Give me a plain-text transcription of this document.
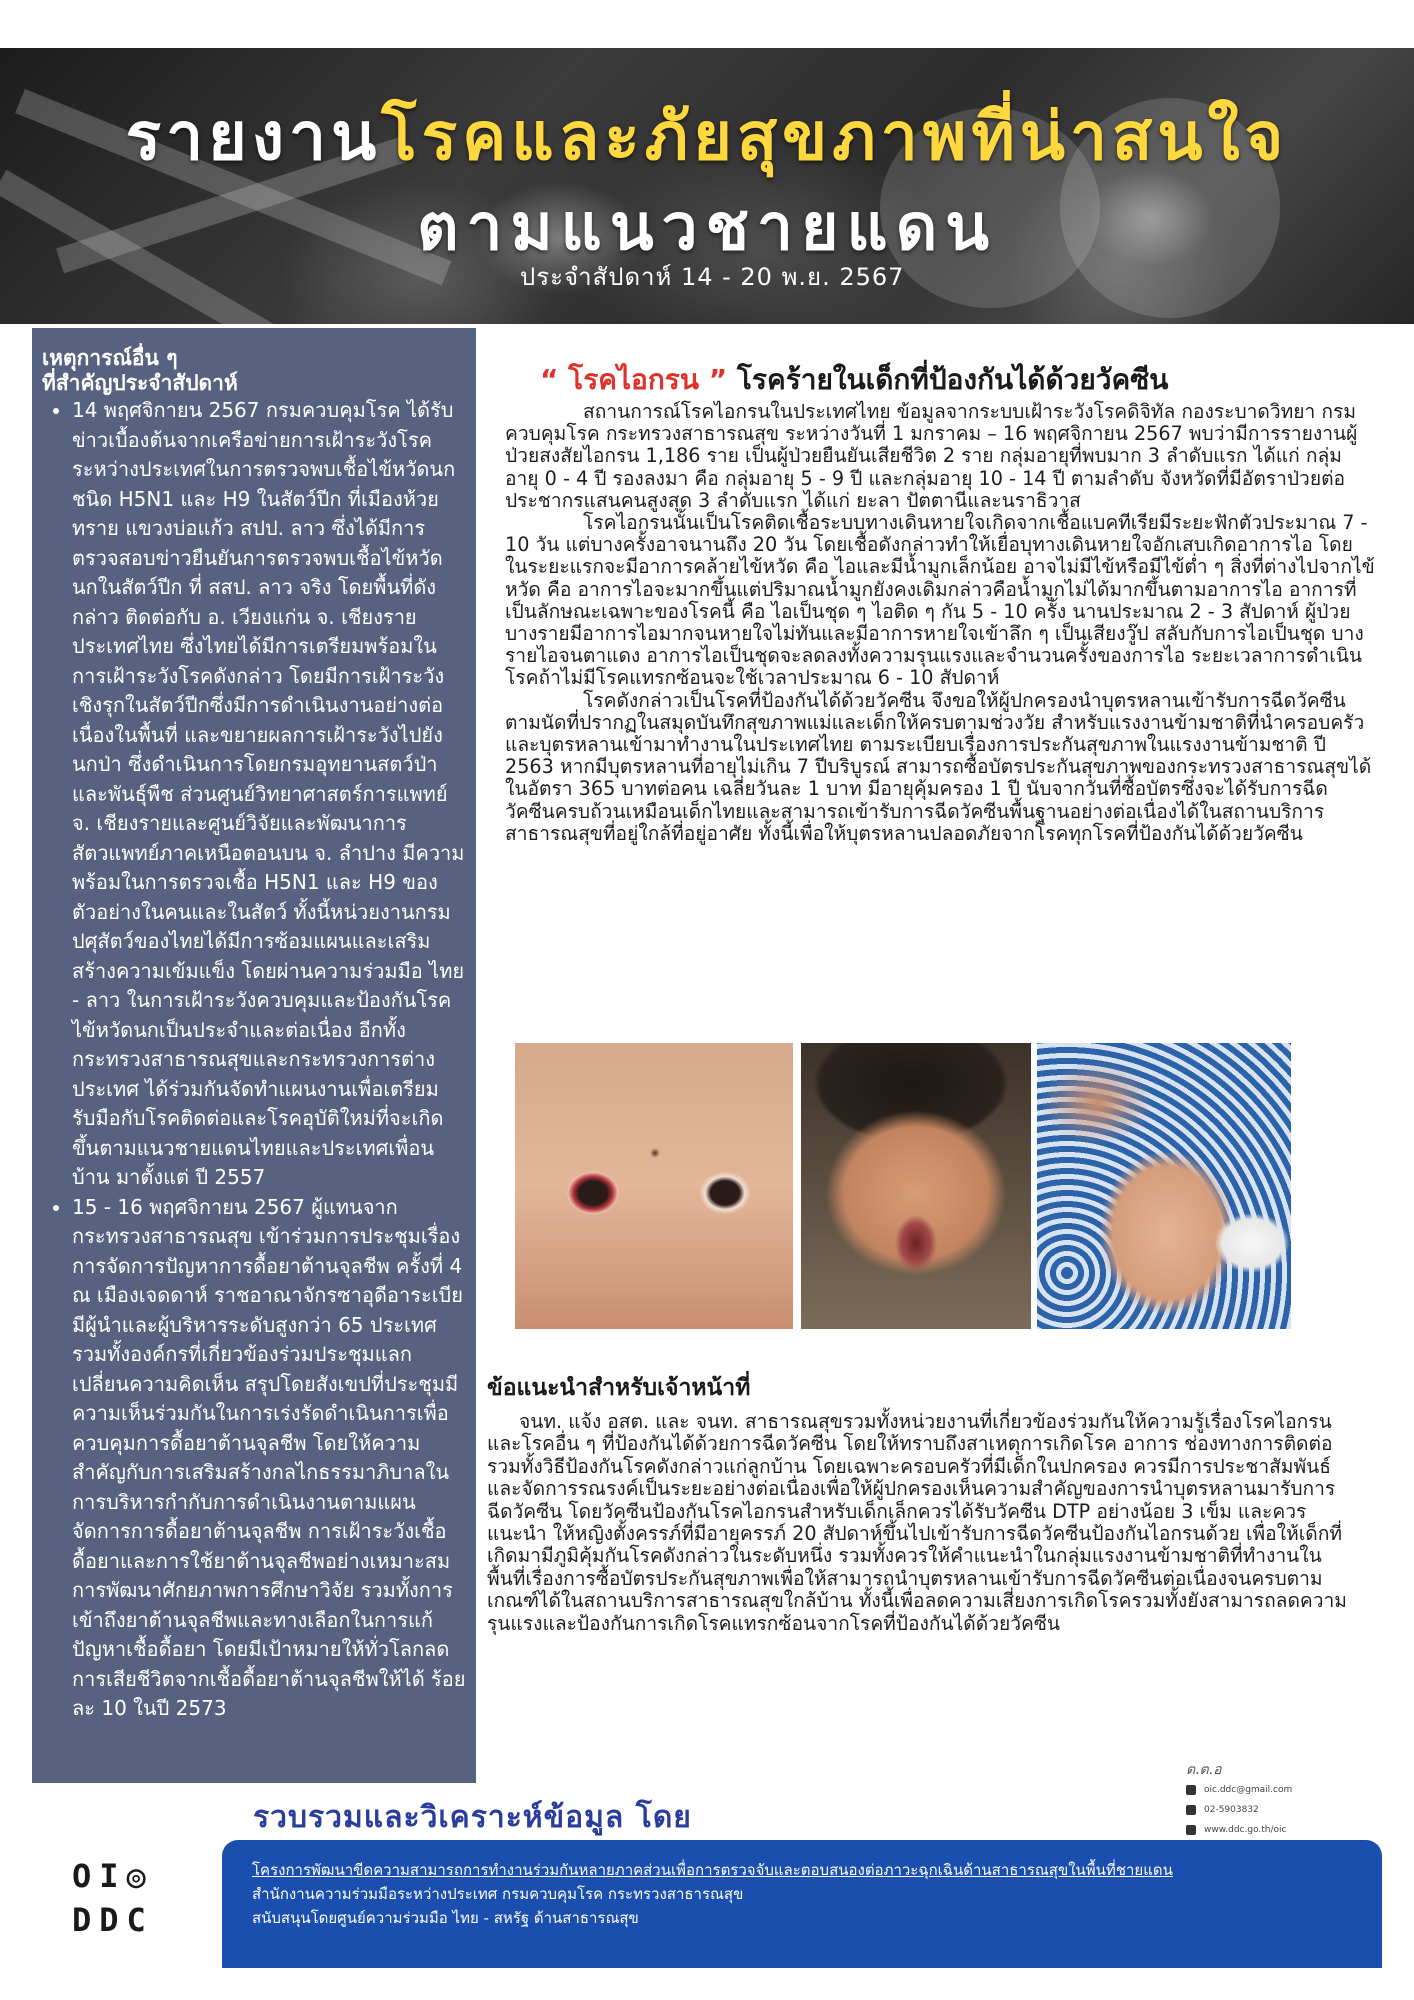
รายงานโรคและภัยสุขภาพที่น่าสนใจ
ตามแนวชายแดน
ประจำสัปดาห์ 14 - 20 พ.ย. 2567
เหตุการณ์อื่น ๆ
ที่สำคัญประจำสัปดาห์
• 14 พฤศจิกายน 2567 กรมควบคุมโรค ได้รับข่าวเบื้องต้นจากเครือข่ายการเฝ้าระวังโรคระหว่างประเทศในการตรวจพบเชื้อไข้หวัดนกชนิด H5N1 และ H9 ในสัตว์ปีก ที่เมืองห้วยทราย แขวงบ่อแก้ว สปป. ลาว ซึ่งได้มีการตรวจสอบข่าวยืนยันการตรวจพบเชื้อไข้หวัดนกในสัตว์ปีก ที่ สสป. ลาว จริง โดยพื้นที่ดังกล่าว ติดต่อกับ อ. เวียงแก่น จ. เชียงราย ประเทศไทย ซึ่งไทยได้มีการเตรียมพร้อมในการเฝ้าระวังโรคดังกล่าว โดยมีการเฝ้าระวังเชิงรุกในสัตว์ปีกซึ่งมีการดำเนินงานอย่างต่อเนื่องในพื้นที่ และขยายผลการเฝ้าระวังไปยังนกป่า ซึ่งดำเนินการโดยกรมอุทยานสตว์ป่าและพันธุ์พืช ส่วนศูนย์วิทยาศาสตร์การแพทย์ จ. เชียงรายและศูนย์วิจัยและพัฒนาการสัตวแพทย์ภาคเหนือตอนบน จ. ลำปาง มีความพร้อมในการตรวจเชื้อ H5N1 และ H9 ของตัวอย่างในคนและในสัตว์ ทั้งนี้หน่วยงานกรมปศุสัตว์ของไทยได้มีการซ้อมแผนและเสริมสร้างความเข้มแข็ง โดยผ่านความร่วมมือ ไทย - ลาว ในการเฝ้าระวังควบคุมและป้องกันโรคไข้หวัดนกเป็นประจำและต่อเนื่อง อีกทั้งกระทรวงสาธารณสุขและกระทรวงการต่างประเทศ ได้ร่วมกันจัดทำแผนงานเพื่อเตรียมรับมือกับโรคติดต่อและโรคอุบัติใหม่ที่จะเกิดขึ้นตามแนวชายแดนไทยและประเทศเพื่อนบ้าน มาตั้งแต่ ปี 2557
• 15 - 16 พฤศจิกายน 2567 ผู้แทนจากกระทรวงสาธารณสุข เข้าร่วมการประชุมเรื่องการจัดการปัญหาการดื้อยาต้านจุลชีพ ครั้งที่ 4 ณ เมืองเจดดาห์ ราชอาณาจักรซาอุดีอาระเบีย มีผู้นำและผู้บริหารระดับสูงกว่า 65 ประเทศ รวมทั้งองค์กรที่เกี่ยวข้องร่วมประชุมแลกเปลี่ยนความคิดเห็น สรุปโดยสังเขปที่ประชุมมีความเห็นร่วมกันในการเร่งรัดดำเนินการเพื่อควบคุมการดื้อยาต้านจุลชีพ โดยให้ความสำคัญกับการเสริมสร้างกลไกธรรมาภิบาลในการบริหารกำกับการดำเนินงานตามแผนจัดการการดื้อยาต้านจุลชีพ การเฝ้าระวังเชื้อดื้อยาและการใช้ยาต้านจุลชีพอย่างเหมาะสม การพัฒนาศักยภาพการศึกษาวิจัย รวมทั้งการเข้าถึงยาต้านจุลชีพและทางเลือกในการแก้ปัญหาเชื้อดื้อยา โดยมีเป้าหมายให้ทั่วโลกลดการเสียชีวิตจากเชื้อดื้อยาต้านจุลชีพให้ได้ ร้อยละ 10 ในปี 2573
“ โรคไอกรน ” โรคร้ายในเด็กที่ป้องกันได้ด้วยวัคซีน

สถานการณ์โรคไอกรนในประเทศไทย ข้อมูลจากระบบเฝ้าระวังโรคดิจิทัล กองระบาดวิทยา กรมควบคุมโรค กระทรวงสาธารณสุข ระหว่างวันที่ 1 มกราคม – 16 พฤศจิกายน 2567 พบว่ามีการรายงานผู้ป่วยสงสัยไอกรน 1,186 ราย เป็นผู้ป่วยยืนยันเสียชีวิต 2 ราย กลุ่มอายุที่พบมาก 3 ลำดับแรก ได้แก่ กลุ่มอายุ 0 - 4 ปี รองลงมา คือ กลุ่มอายุ 5 - 9 ปี และกลุ่มอายุ 10 - 14 ปี ตามลำดับ จังหวัดที่มีอัตราป่วยต่อประชากรแสนคนสูงสุด 3 ลำดับแรก ได้แก่ ยะลา ปัตตานีและนราธิวาส

โรคไอกรนนั้นเป็นโรคติดเชื้อระบบทางเดินหายใจเกิดจากเชื้อแบคทีเรียมีระยะฟักตัวประมาณ 7 - 10 วัน แต่บางครั้งอาจนานถึง 20 วัน โดยเชื้อดังกล่าวทำให้เยื่อบุทางเดินหายใจอักเสบเกิดอาการไอ โดยในระยะแรกจะมีอาการคล้ายไข้หวัด คือ ไอและมีน้ำมูกเล็กน้อย อาจไม่มีไข้หรือมีไข้ต่ำ ๆ สิ่งที่ต่างไปจากไข้หวัด คือ อาการไอจะมากขึ้นแต่ปริมาณน้ำมูกยังคงเดิมกล่าวคือน้ำมูกไม่ได้มากขึ้นตามอาการไอ อาการที่เป็นลักษณะเฉพาะของโรคนี้ คือ ไอเป็นชุด ๆ ไอติด ๆ กัน 5 - 10 ครั้ง นานประมาณ 2 - 3 สัปดาห์ ผู้ป่วยบางรายมีอาการไอมากจนหายใจไม่ทันและมีอาการหายใจเข้าลึก ๆ เป็นเสียงวู๊ป สลับกับการไอเป็นชุด บางรายไอจนตาแดง อาการไอเป็นชุดจะลดลงทั้งความรุนแรงและจำนวนครั้งของการไอ ระยะเวลาการดำเนินโรคถ้าไม่มีโรคแทรกซ้อนจะใช้เวลาประมาณ 6 - 10 สัปดาห์

โรคดังกล่าวเป็นโรคที่ป้องกันได้ด้วยวัคซีน จึงขอให้ผู้ปกครองนำบุตรหลานเข้ารับการฉีดวัคซีนตามนัดที่ปรากฏในสมุดบันทึกสุขภาพแม่และเด็กให้ครบตามช่วงวัย สำหรับแรงงานข้ามชาติที่นำครอบครัวและบุตรหลานเข้ามาทำงานในประเทศไทย ตามระเบียบเรื่องการประกันสุขภาพในแรงงานข้ามชาติ ปี 2563 หากมีบุตรหลานที่อายุไม่เกิน 7 ปีบริบูรณ์ สามารถซื้อบัตรประกันสุขภาพของกระทรวงสาธารณสุขได้ในอัตรา 365 บาทต่อคน เฉลี่ยวันละ 1 บาท มีอายุคุ้มครอง 1 ปี นับจากวันที่ซื้อบัตรซึ่งจะได้รับการฉีดวัคซีนครบถ้วนเหมือนเด็กไทยและสามารถเข้ารับการฉีดวัคซีนพื้นฐานอย่างต่อเนื่องได้ในสถานบริการสาธารณสุขที่อยู่ใกล้ที่อยู่อาศัย ทั้งนี้เพื่อให้บุตรหลานปลอดภัยจากโรคทุกโรคที่ป้องกันได้ด้วยวัคซีน

ข้อแนะนำสำหรับเจ้าหน้าที่

จนท. แจ้ง อสต. และ จนท. สาธารณสุขรวมทั้งหน่วยงานที่เกี่ยวข้องร่วมกันให้ความรู้เรื่องโรคไอกรนและโรคอื่น ๆ ที่ป้องกันได้ด้วยการฉีดวัคซีน โดยให้ทราบถึงสาเหตุการเกิดโรค อาการ ช่องทางการติดต่อ รวมทั้งวิธีป้องกันโรคดังกล่าวแก่ลูกบ้าน โดยเฉพาะครอบครัวที่มีเด็กในปกครอง ควรมีการประชาสัมพันธ์และจัดการรณรงค์เป็นระยะอย่างต่อเนื่องเพื่อให้ผู้ปกครองเห็นความสำคัญของการนำบุตรหลานมารับการฉีดวัคซีน โดยวัคซีนป้องกันโรคไอกรนสำหรับเด็กเล็กควรได้รับวัคซีน DTP อย่างน้อย 3 เข็ม และควรแนะนำ ให้หญิงตั้งครรภ์ที่มีอายุครรภ์ 20 สัปดาห์ขึ้นไปเข้ารับการฉีดวัคซีนป้องกันไอกรนด้วย เพื่อให้เด็กที่เกิดมามีภูมิคุ้มกันโรคดังกล่าวในระดับหนึ่ง รวมทั้งควรให้คำแนะนำในกลุ่มแรงงานข้ามชาติที่ทำงานในพื้นที่เรื่องการซื้อบัตรประกันสุขภาพเพื่อให้สามารถนำบุตรหลานเข้ารับการฉีดวัคซีนต่อเนื่องจนครบตามเกณฑ์ได้ในสถานบริการสาธารณสุขใกล้บ้าน ทั้งนี้เพื่อลดความเสี่ยงการเกิดโรครวมทั้งยังสามารถลดความรุนแรงและป้องกันการเกิดโรคแทรกซ้อนจากโรคที่ป้องกันได้ด้วยวัคซีน

ต.ต.อ
oic.ddc@gmail.com
02-5903832
www.ddc.go.th/oic
รวบรวมและวิเคราะห์ข้อมูล โดย
OI◎
DDC
โครงการพัฒนาขีดความสามารถการทำงานร่วมกันหลายภาคส่วนเพื่อการตรวจจับและตอบสนองต่อภาวะฉุกเฉินด้านสาธารณสุขในพื้นที่ชายแดน
สำนักงานความร่วมมือระหว่างประเทศ กรมควบคุมโรค กระทรวงสาธารณสุข
สนับสนุนโดยศูนย์ความร่วมมือ ไทย - สหรัฐ ด้านสาธารณสุข
